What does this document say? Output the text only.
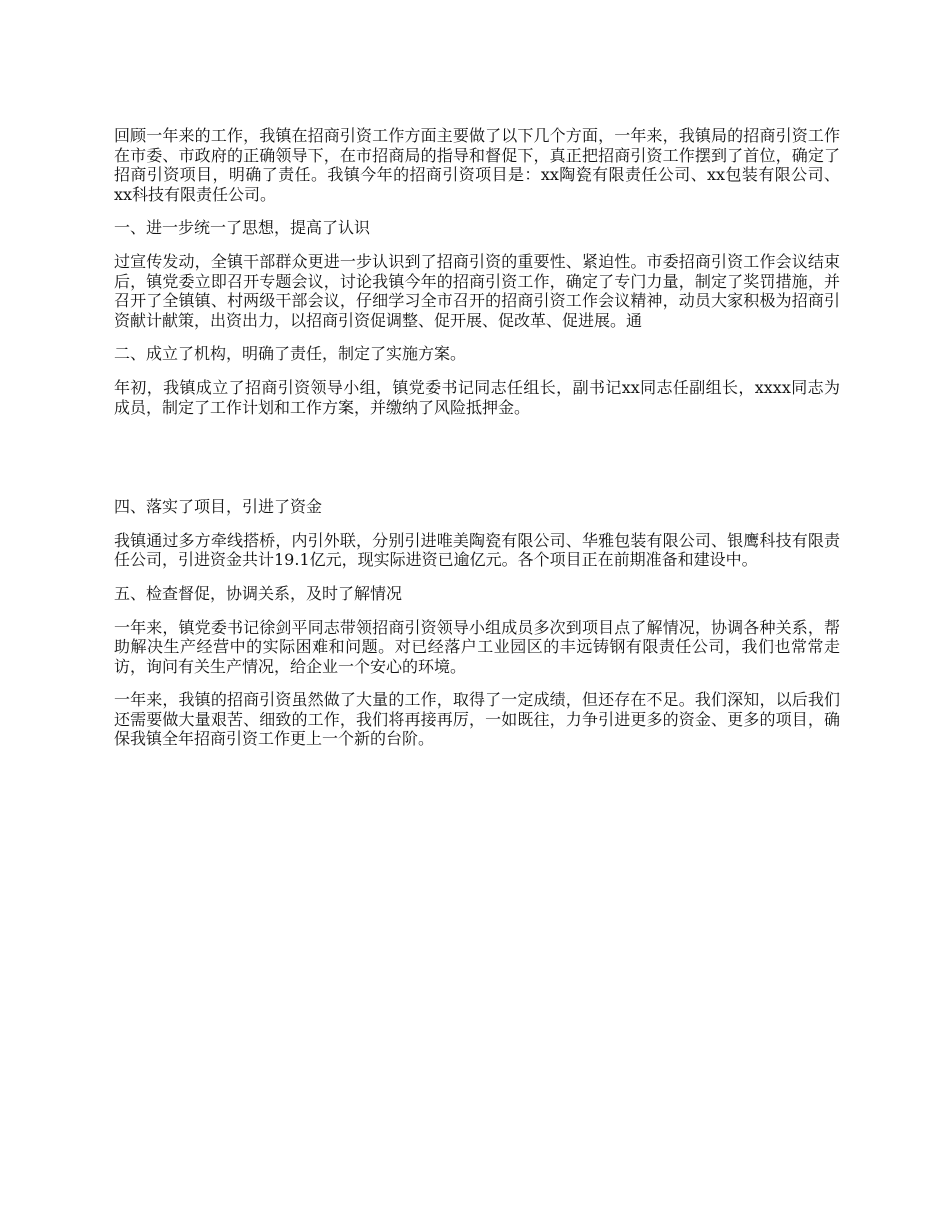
回顾一年来的工作，我镇在招商引资工作方面主要做了以下几个方面，一年来，我镇局的招商引资工作在市委、市政府的正确领导下，在市招商局的指导和督促下，真正把招商引资工作摆到了首位，确定了招商引资项目，明确了责任。我镇今年的招商引资项目是：xx陶瓷有限责任公司、xx包装有限公司、xx科技有限责任公司。

一、进一步统一了思想，提高了认识

过宣传发动，全镇干部群众更进一步认识到了招商引资的重要性、紧迫性。市委招商引资工作会议结束后，镇党委立即召开专题会议，讨论我镇今年的招商引资工作，确定了专门力量，制定了奖罚措施，并召开了全镇镇、村两级干部会议，仔细学习全市召开的招商引资工作会议精神，动员大家积极为招商引资献计献策，出资出力，以招商引资促调整、促开展、促改革、促进展。通

二、成立了机构，明确了责任，制定了实施方案。

年初，我镇成立了招商引资领导小组，镇党委书记同志任组长，副书记xx同志任副组长，xxxx同志为成员，制定了工作计划和工作方案，并缴纳了风险抵押金。

四、落实了项目，引进了资金

我镇通过多方牵线搭桥，内引外联，分别引进唯美陶瓷有限公司、华雅包装有限公司、银鹰科技有限责任公司，引进资金共计19.1亿元，现实际进资已逾亿元。各个项目正在前期准备和建设中。

五、检查督促，协调关系，及时了解情况

一年来，镇党委书记徐剑平同志带领招商引资领导小组成员多次到项目点了解情况，协调各种关系，帮助解决生产经营中的实际困难和问题。对已经落户工业园区的丰远铸钢有限责任公司，我们也常常走访，询问有关生产情况，给企业一个安心的环境。

一年来，我镇的招商引资虽然做了大量的工作，取得了一定成绩，但还存在不足。我们深知，以后我们还需要做大量艰苦、细致的工作，我们将再接再厉，一如既往，力争引进更多的资金、更多的项目，确保我镇全年招商引资工作更上一个新的台阶。
